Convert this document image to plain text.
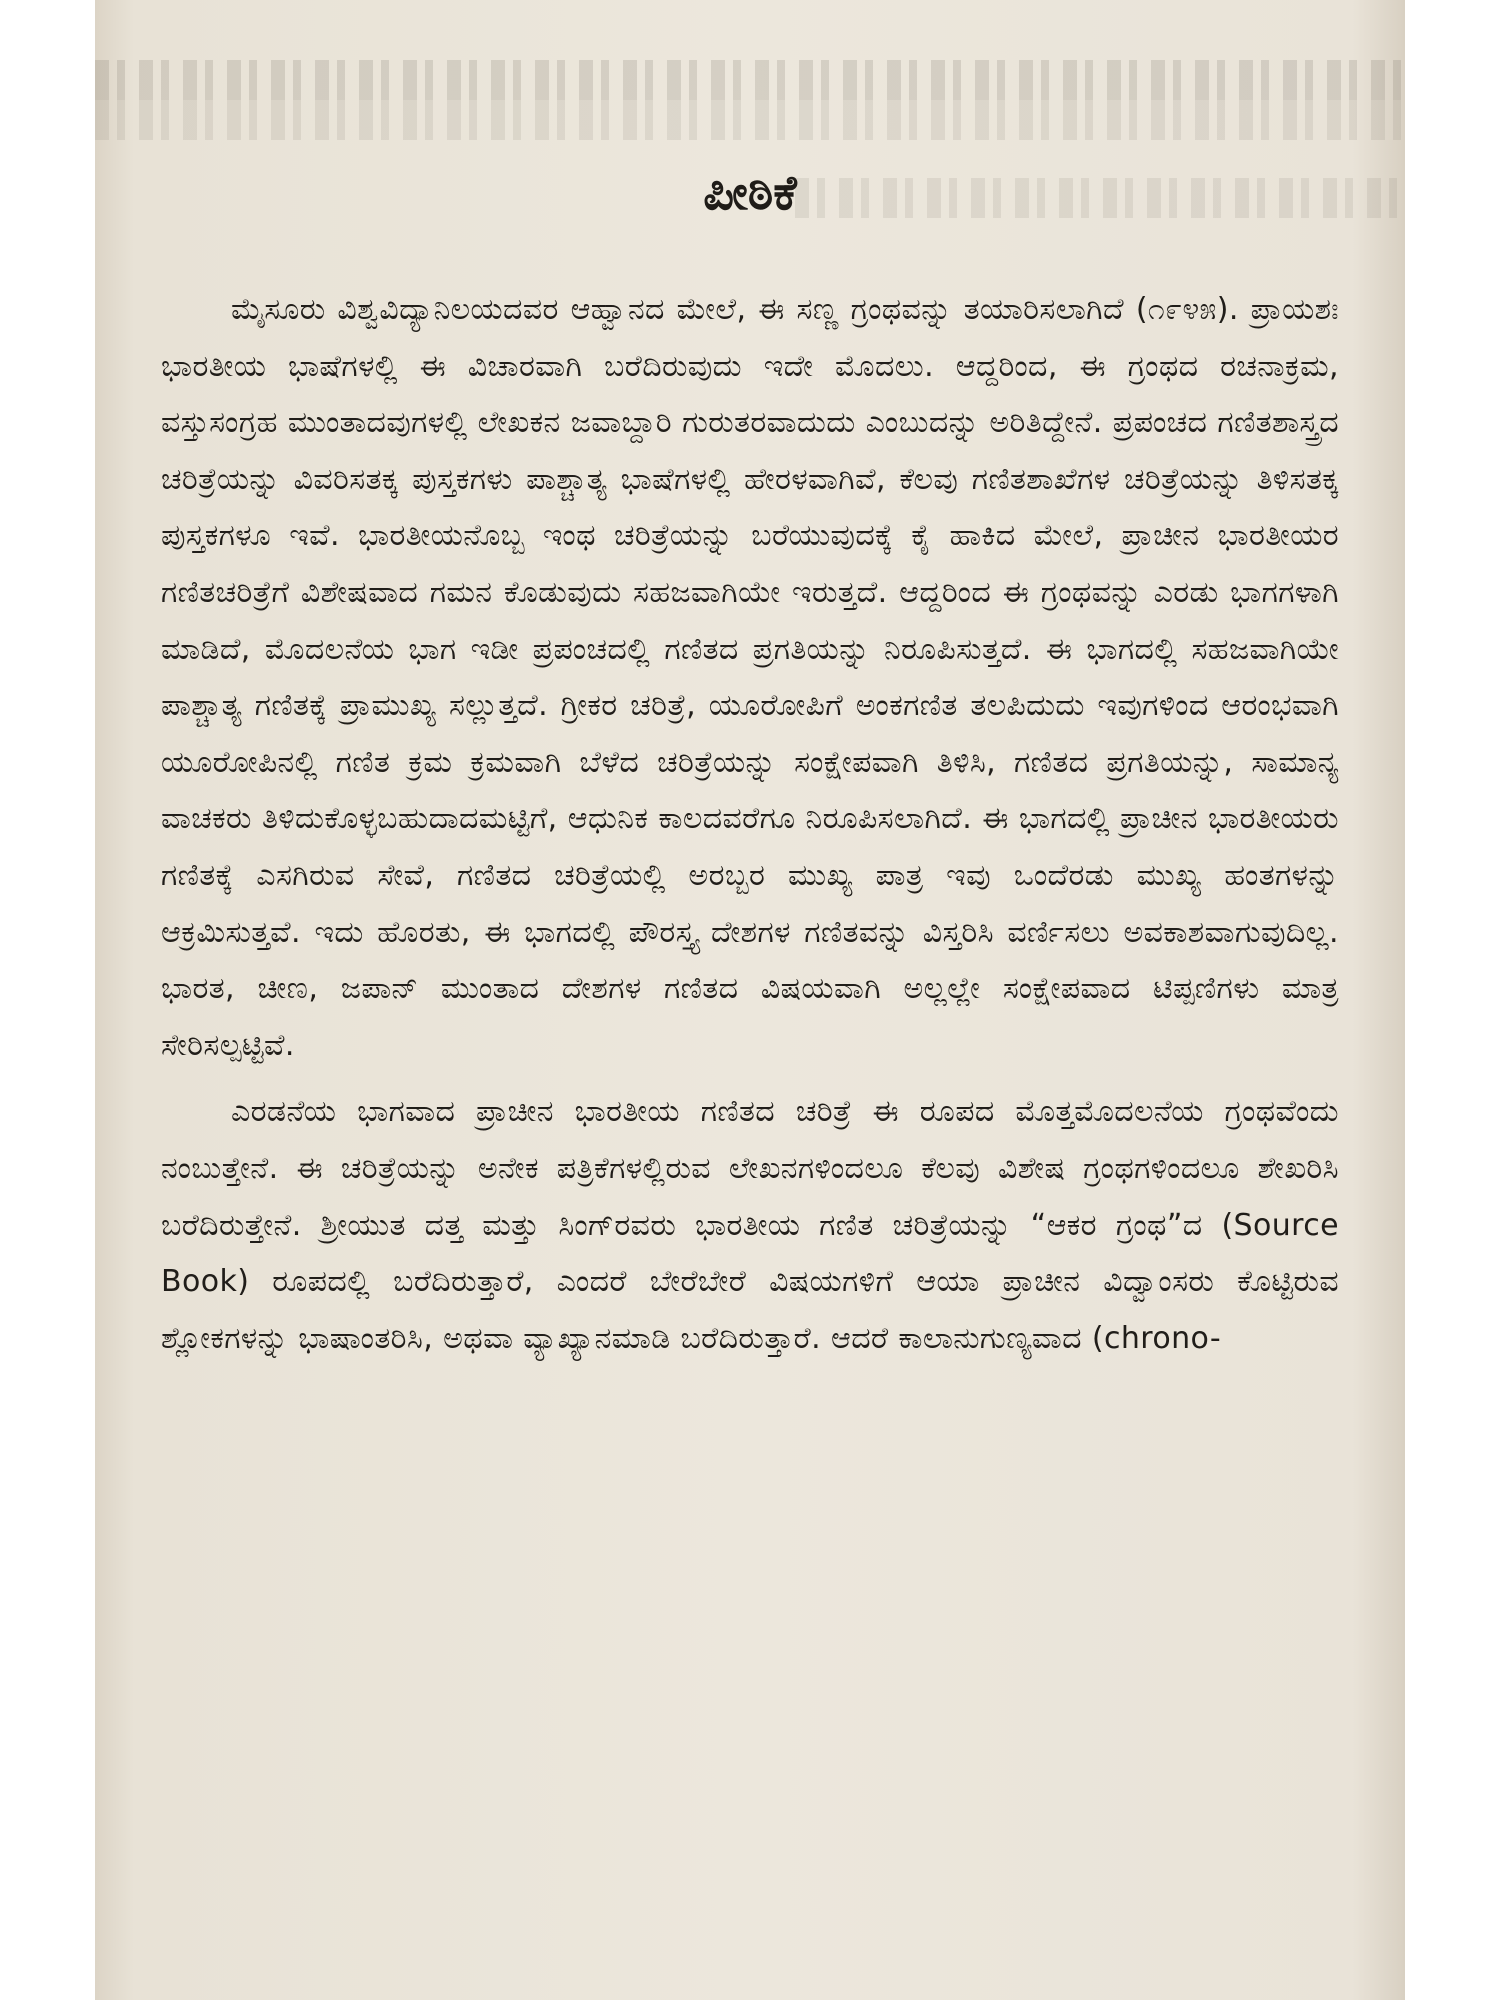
ಪೀಠಿಕೆ

ಮೈಸೂರು ವಿಶ್ವವಿದ್ಯಾನಿಲಯದವರ ಆಹ್ವಾನದ ಮೇಲೆ, ಈ ಸಣ್ಣ ಗ್ರಂಥವನ್ನು ತಯಾರಿಸಲಾಗಿದೆ (೧೯೪೫). ಪ್ರಾಯಶಃ ಭಾರತೀಯ ಭಾಷೆಗಳಲ್ಲಿ ಈ ವಿಚಾರವಾಗಿ ಬರೆದಿರುವುದು ಇದೇ ಮೊದಲು. ಆದ್ದರಿಂದ, ಈ ಗ್ರಂಥದ ರಚನಾಕ್ರಮ, ವಸ್ತುಸಂಗ್ರಹ ಮುಂತಾದವುಗಳಲ್ಲಿ ಲೇಖಕನ ಜವಾಬ್ದಾರಿ ಗುರುತರವಾದುದು ಎಂಬುದನ್ನು ಅರಿತಿದ್ದೇನೆ. ಪ್ರಪಂಚದ ಗಣಿತಶಾಸ್ತ್ರದ ಚರಿತ್ರೆಯನ್ನು ವಿವರಿಸತಕ್ಕ ಪುಸ್ತಕಗಳು ಪಾಶ್ಚಾತ್ಯ ಭಾಷೆಗಳಲ್ಲಿ ಹೇರಳವಾಗಿವೆ, ಕೆಲವು ಗಣಿತಶಾಖೆಗಳ ಚರಿತ್ರೆಯನ್ನು ತಿಳಿಸತಕ್ಕ ಪುಸ್ತಕಗಳೂ ಇವೆ. ಭಾರತೀಯನೊಬ್ಬ ಇಂಥ ಚರಿತ್ರೆಯನ್ನು ಬರೆಯುವುದಕ್ಕೆ ಕೈ ಹಾಕಿದ ಮೇಲೆ, ಪ್ರಾಚೀನ ಭಾರತೀಯರ ಗಣಿತಚರಿತ್ರೆಗೆ ವಿಶೇಷವಾದ ಗಮನ ಕೊಡುವುದು ಸಹಜವಾಗಿಯೇ ಇರುತ್ತದೆ. ಆದ್ದರಿಂದ ಈ ಗ್ರಂಥವನ್ನು ಎರಡು ಭಾಗಗಳಾಗಿ ಮಾಡಿದೆ, ಮೊದಲನೆಯ ಭಾಗ ಇಡೀ ಪ್ರಪಂಚದಲ್ಲಿ ಗಣಿತದ ಪ್ರಗತಿಯನ್ನು ನಿರೂಪಿಸುತ್ತದೆ. ಈ ಭಾಗದಲ್ಲಿ ಸಹಜವಾಗಿಯೇ ಪಾಶ್ಚಾತ್ಯ ಗಣಿತಕ್ಕೆ ಪ್ರಾಮುಖ್ಯ ಸಲ್ಲುತ್ತದೆ. ಗ್ರೀಕರ ಚರಿತ್ರೆ, ಯೂರೋಪಿಗೆ ಅಂಕಗಣಿತ ತಲಪಿದುದು ಇವುಗಳಿಂದ ಆರಂಭವಾಗಿ ಯೂರೋಪಿನಲ್ಲಿ ಗಣಿತ ಕ್ರಮ ಕ್ರಮವಾಗಿ ಬೆಳೆದ ಚರಿತ್ರೆಯನ್ನು ಸಂಕ್ಷೇಪವಾಗಿ ತಿಳಿಸಿ, ಗಣಿತದ ಪ್ರಗತಿಯನ್ನು, ಸಾಮಾನ್ಯ ವಾಚಕರು ತಿಳಿದುಕೊಳ್ಳಬಹುದಾದಮಟ್ಟಿಗೆ, ಆಧುನಿಕ ಕಾಲದವರೆಗೂ ನಿರೂಪಿಸಲಾಗಿದೆ. ಈ ಭಾಗದಲ್ಲಿ ಪ್ರಾಚೀನ ಭಾರತೀಯರು ಗಣಿತಕ್ಕೆ ಎಸಗಿರುವ ಸೇವೆ, ಗಣಿತದ ಚರಿತ್ರೆಯಲ್ಲಿ ಅರಬ್ಬರ ಮುಖ್ಯ ಪಾತ್ರ ಇವು ಒಂದೆರಡು ಮುಖ್ಯ ಹಂತಗಳನ್ನು ಆಕ್ರಮಿಸುತ್ತವೆ. ಇದು ಹೊರತು, ಈ ಭಾಗದಲ್ಲಿ ಪೌರಸ್ತ್ಯ ದೇಶಗಳ ಗಣಿತವನ್ನು ವಿಸ್ತರಿಸಿ ವರ್ಣಿಸಲು ಅವಕಾಶವಾಗುವುದಿಲ್ಲ. ಭಾರತ, ಚೀಣ, ಜಪಾನ್ ಮುಂತಾದ ದೇಶಗಳ ಗಣಿತದ ವಿಷಯವಾಗಿ ಅಲ್ಲಲ್ಲೇ ಸಂಕ್ಷೇಪವಾದ ಟಿಪ್ಪಣಿಗಳು ಮಾತ್ರ ಸೇರಿಸಲ್ಪಟ್ಟಿವೆ.

ಎರಡನೆಯ ಭಾಗವಾದ ಪ್ರಾಚೀನ ಭಾರತೀಯ ಗಣಿತದ ಚರಿತ್ರೆ ಈ ರೂಪದ ಮೊತ್ತಮೊದಲನೆಯ ಗ್ರಂಥವೆಂದು ನಂಬುತ್ತೇನೆ. ಈ ಚರಿತ್ರೆಯನ್ನು ಅನೇಕ ಪತ್ರಿಕೆಗಳಲ್ಲಿರುವ ಲೇಖನಗಳಿಂದಲೂ ಕೆಲವು ವಿಶೇಷ ಗ್ರಂಥಗಳಿಂದಲೂ ಶೇಖರಿಸಿ ಬರೆದಿರುತ್ತೇನೆ. ಶ್ರೀಯುತ ದತ್ತ ಮತ್ತು ಸಿಂಗ್‌ರವರು ಭಾರತೀಯ ಗಣಿತ ಚರಿತ್ರೆಯನ್ನು “ಆಕರ ಗ್ರಂಥ”ದ (Source Book) ರೂಪದಲ್ಲಿ ಬರೆದಿರುತ್ತಾರೆ, ಎಂದರೆ ಬೇರೆಬೇರೆ ವಿಷಯಗಳಿಗೆ ಆಯಾ ಪ್ರಾಚೀನ ವಿದ್ವಾಂಸರು ಕೊಟ್ಟಿರುವ ಶ್ಲೋಕಗಳನ್ನು ಭಾಷಾಂತರಿಸಿ, ಅಥವಾ ವ್ಯಾಖ್ಯಾನಮಾಡಿ ಬರೆದಿರುತ್ತಾರೆ. ಆದರೆ ಕಾಲಾನುಗುಣ್ಯವಾದ (chrono-
